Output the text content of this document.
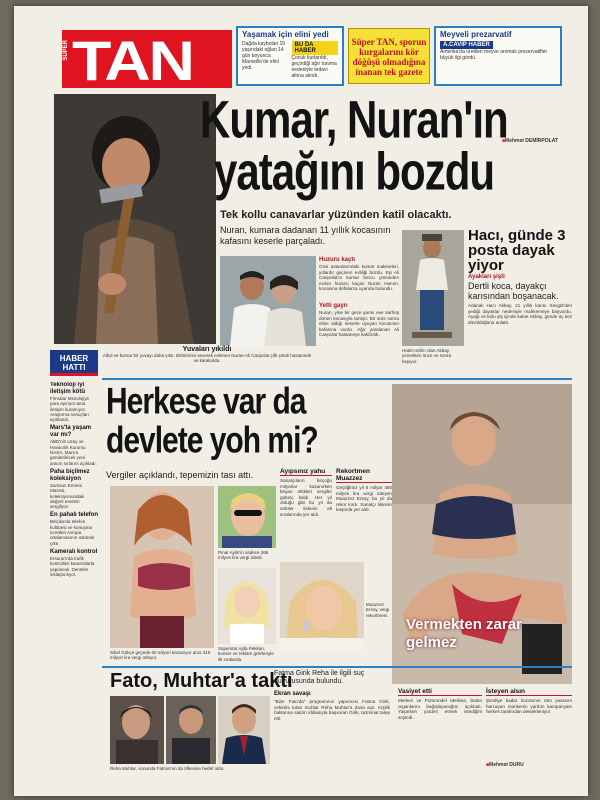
SÜPER TAN	Yaşamak için elini yedi
Dağda kaybolan 15 yaşındaki oğlan 14 gün boyunca Marseille'de elini yedi.
BU DA HABER
Çocuk kurtarıldı, geçirdiği ağır travma nedeniyle tedavi altına alındı.
Süper TAN, sporun kurgalarını kör döğüşü olmadığına inanan tek gazete
Meyveli prezarvatif
A.CAVİP HABER
Amerika'da üretilen meyve aromalı prezervatifler büyük ilgi gördü.
Kumar, Nuran'ın
yatağını bozdu
■ Mehmet DEMİRPOLAT
Tek kollu canavarlar yüzünden katil olacaktı.
Nuran, kumara dadanan 11 yıllık kocasının kafasını keserle parçaladı.
Huzuru kaçtı
Onsi astanlarındaki kumar makineleri, yıllardır geçinen evliliği bozdu. Eşi Ali Canpolat'ın kumar borcu yüzünden evinin huzuru kaçan Nuran Hanım, kocasına defalarca uyarıda bulundu.
Yetti gayrı
Nuran, yine bir gece yarısı eve sarhoş dönen kocasıyla tartıştı. Bir süre sonra eline aldığı keserle uyuyan kocasının kafasına vurdu. Ağır yaralanan Ali Canpolat hastaneye kaldırıldı.
Hatim-selim olan Akbay, yemekten önce ve sonra kaşıyor.
Hacı, günde 3 posta dayak yiyor
Ayakları şişti
Dertli koca, dayakçı karısından boşanacak.
Adanalı Hacı Akbay, 21 yıllık karısı Sevgül'den yediği dayaklar nedeniyle mahkemeye başvurdu. Ayağı ve kolu şiş içinde kalan Akbay, günde üç kez dövüldüğünü anlattı.
Yuvaları yıkıldı
Alkol ve kumar bir yuvayı daha yıktı. Birbirlerini severek evlenen Nuran-Ali Canpolat çifti şimdi hastanede ve karakolda.
HABER
HATTI
Teknoloji iyi iletişim kötü
Firmalar teknolojiye para ayırıyor ama iletişim kuramıyor. Araştırma sonuçları açıklandı.
Mars'ta yaşam var mı?
ABD'nin Uzay ve Havacılık Kurumu NASA, Mars'a gönderilecek yeni aracın sırlarını açıkladı.
Paha biçilmez koleksiyon
Samsun Ermeni Müzesi, koleksiyonundaki değerli eserleri sergiliyor.
En pahalı telefon
Belçika'da telefon kulübesi ve konuşma ücretleri Avrupa ortalamasının üstünde çıktı.
Kameralı kontrol
Ersurum'da trafik kontrolleri kameralarla yapılacak. Denetim sıklaştırılıyor.
Herkese var da
devlete yoh mi?
Vergiler açıklandı, tepemizin tası attı.
Vermekten zarar gelmez
Sibel Gökçe geçede 60 milyon kazanıyor ama 310 milyon lira vergi ödüyor.
Pınar Aylin'in sadece 266 milyon lira vergi ödedi.
Süperstar Ajda Pekkan, konser ve reklam gelirleriyle ilk sıralarda.
Ayıpsınız yahu
Sanatçıların birçoğu milyarlar kazanırken beyan ettikleri vergiler gülünç kaldı. Her yıl olduğu gibi bu yıl da ünlüler listenin alt sıralarında yer aldı.
Rekortmen Muazzez
Geçtiğimiz yıl 5 milyar 480 milyon lira vergi ödeyen Muazzez Ersoy, bu yıl da rekor kırdı. Sanatçı listenin başında yer aldı.
Muazzez Ersoy, vergi rekortmeni.
Fato, Muhtar'a taktı
Fatma Girik Reha ile ilgili suç duyurusunda bulundu.
Ekran savaşı
"Bize Fato'da" programının yapımcısı Fatma Girik, ceketini tutan muhtar Reha Muhtar'a dava açtı. Kişilik haklarına saldırı iddiasıyla başvuran Girik, tazminat talep etti.
Reha Muhtar, sonunda Fatma'nın da öfkesine hedef oldu.
Vasiyet etti
Merkez ve Potomodel Melissa, bütün organlarını bağışlayacağını açıkladı. Yaşarken yardım etmek istediğini söyledi.
İsteyen alsın
Şimdiye kadar kocasının tüm parasını harcayan mankenin yardım kampanyası herkes tarafından destekleniyor.
■ Mehmet DURU
